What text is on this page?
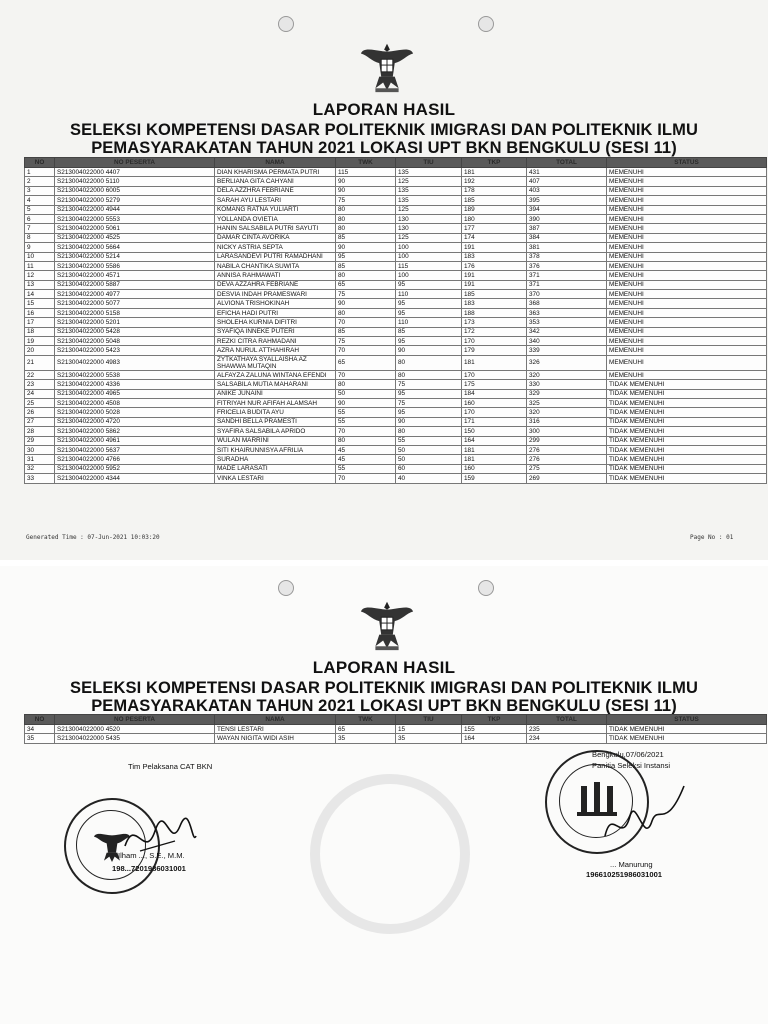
LAPORAN HASIL
SELEKSI KOMPETENSI DASAR POLITEKNIK IMIGRASI DAN POLITEKNIK ILMU
PEMASYARAKATAN TAHUN 2021 LOKASI UPT BKN BENGKULU (SESI 11)
NO	NO PESERTA	NAMA	TWK	TIU	TKP	TOTAL	STATUS
1	S213004022000 4407	DIAN KHARISMA PERMATA PUTRI	115	135	181	431	MEMENUHI
2	S213004022000 5110	BERLIANA GITA CAHYANI	90	125	192	407	MEMENUHI
3	S213004022000 6005	DELA AZZHRA FEBRIANE	90	135	178	403	MEMENUHI
4	S213004022000 5279	SARAH AYU LESTARI	75	135	185	395	MEMENUHI
5	S213004022000 4944	KOMANG RATNA YULIARTI	80	125	189	394	MEMENUHI
6	S213004022000 5553	YOLLANDA OVIETIA	80	130	180	390	MEMENUHI
7	S213004022000 5061	HANIN SALSABILA PUTRI SAYUTI	80	130	177	387	MEMENUHI
8	S213004022000 4525	DAMAR CINTA AVORIKA	85	125	174	384	MEMENUHI
9	S213004022000 5664	NICKY ASTRIA SEPTA	90	100	191	381	MEMENUHI
10	S213004022000 5214	LARASANDEVI PUTRI RAMADHANI	95	100	183	378	MEMENUHI
11	S213004022000 5586	NABILA CHANTIKA SUWITA	85	115	176	376	MEMENUHI
12	S213004022000 4571	ANNISA RAHMAWATI	80	100	191	371	MEMENUHI
13	S213004022000 5887	DEVA AZZAHRA FEBRIANE	65	95	191	371	MEMENUHI
14	S213004022000 4977	DESVIA INDAH PRAMESWARI	75	110	185	370	MEMENUHI
15	S213004022000 5077	ALVIONA TRISHOKINAH	90	95	183	368	MEMENUHI
16	S213004022000 5158	EFICHA HADI PUTRI	80	95	188	363	MEMENUHI
17	S213004022000 5201	SHOLEHA KURNIA DIFITRI	70	110	173	353	MEMENUHI
18	S213004022000 5428	SYAFIQA INNEKE PUTERI	85	85	172	342	MEMENUHI
19	S213004022000 5048	REZKI CITRA RAHMADANI	75	95	170	340	MEMENUHI
20	S213004022000 5423	AZRA NURUL ATTHAHIRAH	70	90	179	339	MEMENUHI
21	S213004022000 4983	ZYTKATHAYA SYALLAISHA AZ SHAWWA MUTAQIN	65	80	181	326	MEMENUHI
22	S213004022000 5538	ALFAYZA ZALUNA WINTANA EFENDI	70	80	170	320	MEMENUHI
23	S213004022000 4336	SALSABILA MUTIA MAHARANI	80	75	175	330	TIDAK MEMENUHI
24	S213004022000 4965	ANIKE JUNAINI	50	95	184	329	TIDAK MEMENUHI
25	S213004022000 4508	FITRIYAH NUR AFIFAH ALAMSAH	90	75	160	325	TIDAK MEMENUHI
26	S213004022000 5028	FRICELIA BUDITA AYU	55	95	170	320	TIDAK MEMENUHI
27	S213004022000 4720	SANDHI BELLA PRAMESTI	55	90	171	316	TIDAK MEMENUHI
28	S213004022000 5862	SYAFIRA SALSABILA APRIDO	70	80	150	300	TIDAK MEMENUHI
29	S213004022000 4961	WULAN MARRINI	80	55	164	299	TIDAK MEMENUHI
30	S213004022000 5637	SITI KHAIRUNNISYA AFRILIA	45	50	181	276	TIDAK MEMENUHI
31	S213004022000 4766	SURADHA	45	50	181	276	TIDAK MEMENUHI
32	S213004022000 5952	MADE LARASATI	55	60	160	275	TIDAK MEMENUHI
33	S213004022000 4344	VINKA LESTARI	70	40	159	269	TIDAK MEMENUHI
Generated Time : 07-Jun-2021 10:03:20	Page No : 01
LAPORAN HASIL
SELEKSI KOMPETENSI DASAR POLITEKNIK IMIGRASI DAN POLITEKNIK ILMU
PEMASYARAKATAN TAHUN 2021 LOKASI UPT BKN BENGKULU (SESI 11)
NO	NO PESERTA	NAMA	TWK	TIU	TKP	TOTAL	STATUS
34	S213004022000 4520	TENSI LESTARI	65	15	155	235	TIDAK MEMENUHI
35	S213004022000 5435	WAYAN NIGITA WIDI ASIH	35	35	164	234	TIDAK MEMENUHI
Bengkulu,07/06/2021
Panitia Seleksi Instansi
Tim Pelaksana CAT BKN
Ilham ..., S.E., M.M.
198...7201986031001	... Manurung
196610251986031001
